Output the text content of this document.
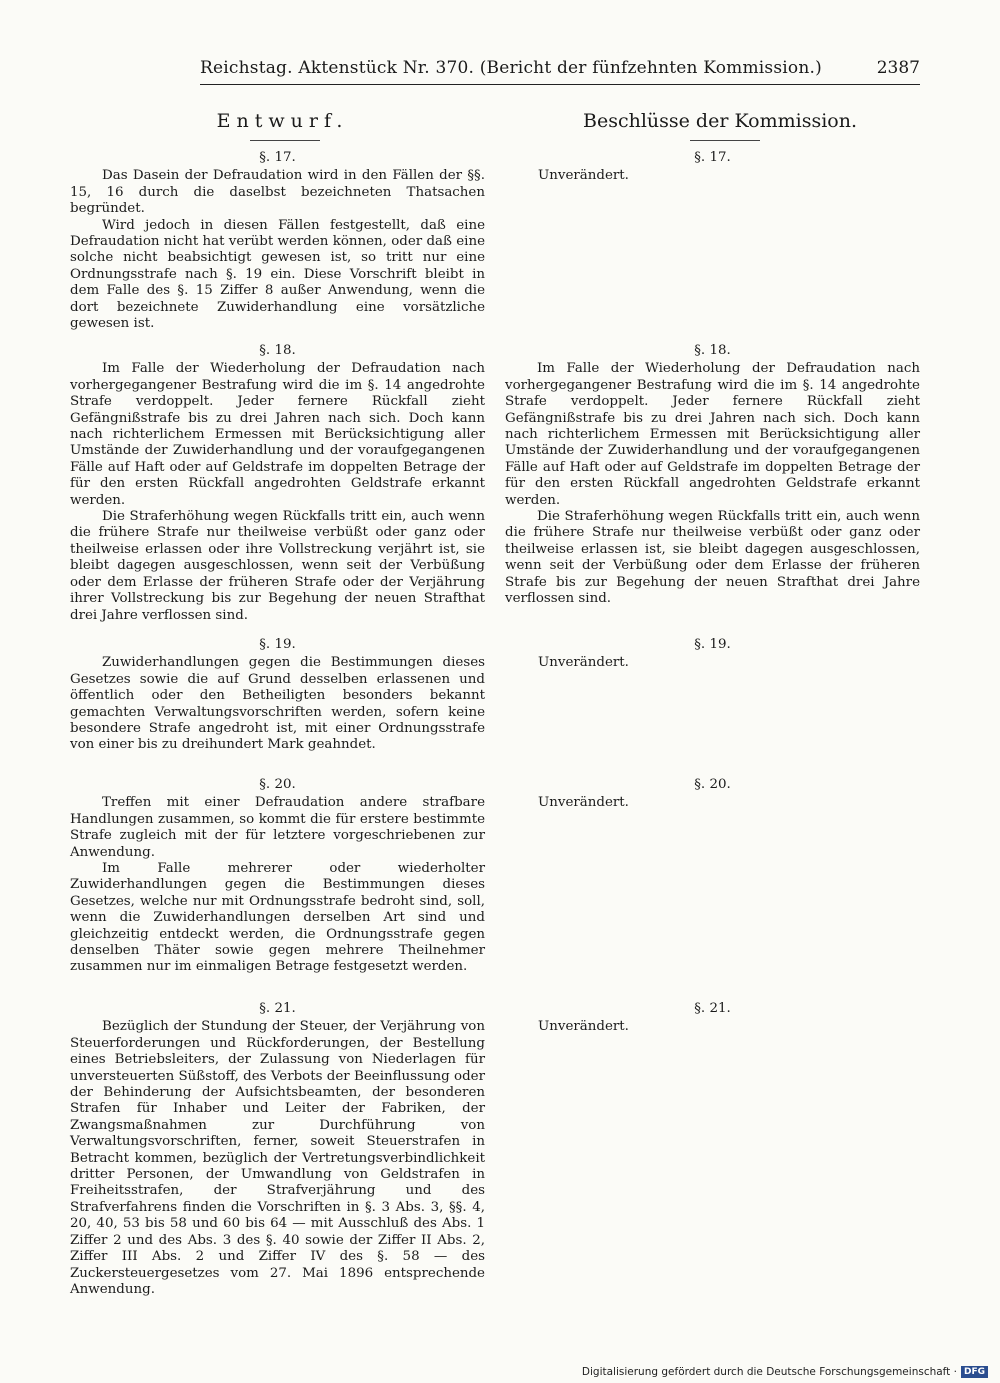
Reichstag. Aktenstück Nr. 370. (Bericht der fünfzehnten Kommission.)	2387
Entwurf.	Beschlüsse der Kommission.
§. 17.

Das Dasein der Defraudation wird in den Fällen der §§. 15, 16 durch die daselbst bezeichneten Thatsachen begründet.

Wird jedoch in diesen Fällen festgestellt, daß eine Defraudation nicht hat verübt werden können, oder daß eine solche nicht beabsichtigt gewesen ist, so tritt nur eine Ordnungsstrafe nach §. 19 ein. Diese Vorschrift bleibt in dem Falle des §. 15 Ziffer 8 außer Anwendung, wenn die dort bezeichnete Zuwiderhandlung eine vorsätzliche gewesen ist.

§. 18.

Im Falle der Wiederholung der Defraudation nach vorhergegangener Bestrafung wird die im §. 14 angedrohte Strafe verdoppelt. Jeder fernere Rückfall zieht Gefängnißstrafe bis zu drei Jahren nach sich. Doch kann nach richterlichem Ermessen mit Berücksichtigung aller Umstände der Zuwiderhandlung und der voraufgegangenen Fälle auf Haft oder auf Geldstrafe im doppelten Betrage der für den ersten Rückfall angedrohten Geldstrafe erkannt werden.

Die Straferhöhung wegen Rückfalls tritt ein, auch wenn die frühere Strafe nur theilweise verbüßt oder ganz oder theilweise erlassen oder ihre Vollstreckung verjährt ist, sie bleibt dagegen ausgeschlossen, wenn seit der Verbüßung oder dem Erlasse der früheren Strafe oder der Verjährung ihrer Vollstreckung bis zur Begehung der neuen Strafthat drei Jahre verflossen sind.

§. 19.

Zuwiderhandlungen gegen die Bestimmungen dieses Gesetzes sowie die auf Grund desselben erlassenen und öffentlich oder den Betheiligten besonders bekannt gemachten Verwaltungsvorschriften werden, sofern keine besondere Strafe angedroht ist, mit einer Ordnungsstrafe von einer bis zu dreihundert Mark geahndet.

§. 20.

Treffen mit einer Defraudation andere strafbare Handlungen zusammen, so kommt die für erstere bestimmte Strafe zugleich mit der für letztere vorgeschriebenen zur Anwendung.

Im Falle mehrerer oder wiederholter Zuwiderhandlungen gegen die Bestimmungen dieses Gesetzes, welche nur mit Ordnungsstrafe bedroht sind, soll, wenn die Zuwiderhandlungen derselben Art sind und gleichzeitig entdeckt werden, die Ordnungsstrafe gegen denselben Thäter sowie gegen mehrere Theilnehmer zusammen nur im einmaligen Betrage festgesetzt werden.

§. 21.

Bezüglich der Stundung der Steuer, der Verjährung von Steuerforderungen und Rückforderungen, der Bestellung eines Betriebsleiters, der Zulassung von Niederlagen für unversteuerten Süßstoff, des Verbots der Beeinflussung oder der Behinderung der Aufsichtsbeamten, der besonderen Strafen für Inhaber und Leiter der Fabriken, der Zwangsmaßnahmen zur Durchführung von Verwaltungsvorschriften, ferner, soweit Steuerstrafen in Betracht kommen, bezüglich der Vertretungsverbindlichkeit dritter Personen, der Umwandlung von Geldstrafen in Freiheitsstrafen, der Strafverjährung und des Strafverfahrens finden die Vorschriften in §. 3 Abs. 3, §§. 4, 20, 40, 53 bis 58 und 60 bis 64 — mit Ausschluß des Abs. 1 Ziffer 2 und des Abs. 3 des §. 40 sowie der Ziffer II Abs. 2, Ziffer III Abs. 2 und Ziffer IV des §. 58 — des Zuckersteuergesetzes vom 27. Mai 1896 entsprechende Anwendung.

§. 17.
Unverändert.
§. 18.

Im Falle der Wiederholung der Defraudation nach vorhergegangener Bestrafung wird die im §. 14 angedrohte Strafe verdoppelt. Jeder fernere Rückfall zieht Gefängnißstrafe bis zu drei Jahren nach sich. Doch kann nach richterlichem Ermessen mit Berücksichtigung aller Umstände der Zuwiderhandlung und der voraufgegangenen Fälle auf Haft oder auf Geldstrafe im doppelten Betrage der für den ersten Rückfall angedrohten Geldstrafe erkannt werden.

Die Straferhöhung wegen Rückfalls tritt ein, auch wenn die frühere Strafe nur theilweise verbüßt oder ganz oder theilweise erlassen ist, sie bleibt dagegen ausgeschlossen, wenn seit der Verbüßung oder dem Erlasse der früheren Strafe bis zur Begehung der neuen Strafthat drei Jahre verflossen sind.

§. 19.
Unverändert.
§. 20.
Unverändert.
§. 21.
Unverändert.
Digitalisierung gefördert durch die Deutsche Forschungsgemeinschaft · DFG
